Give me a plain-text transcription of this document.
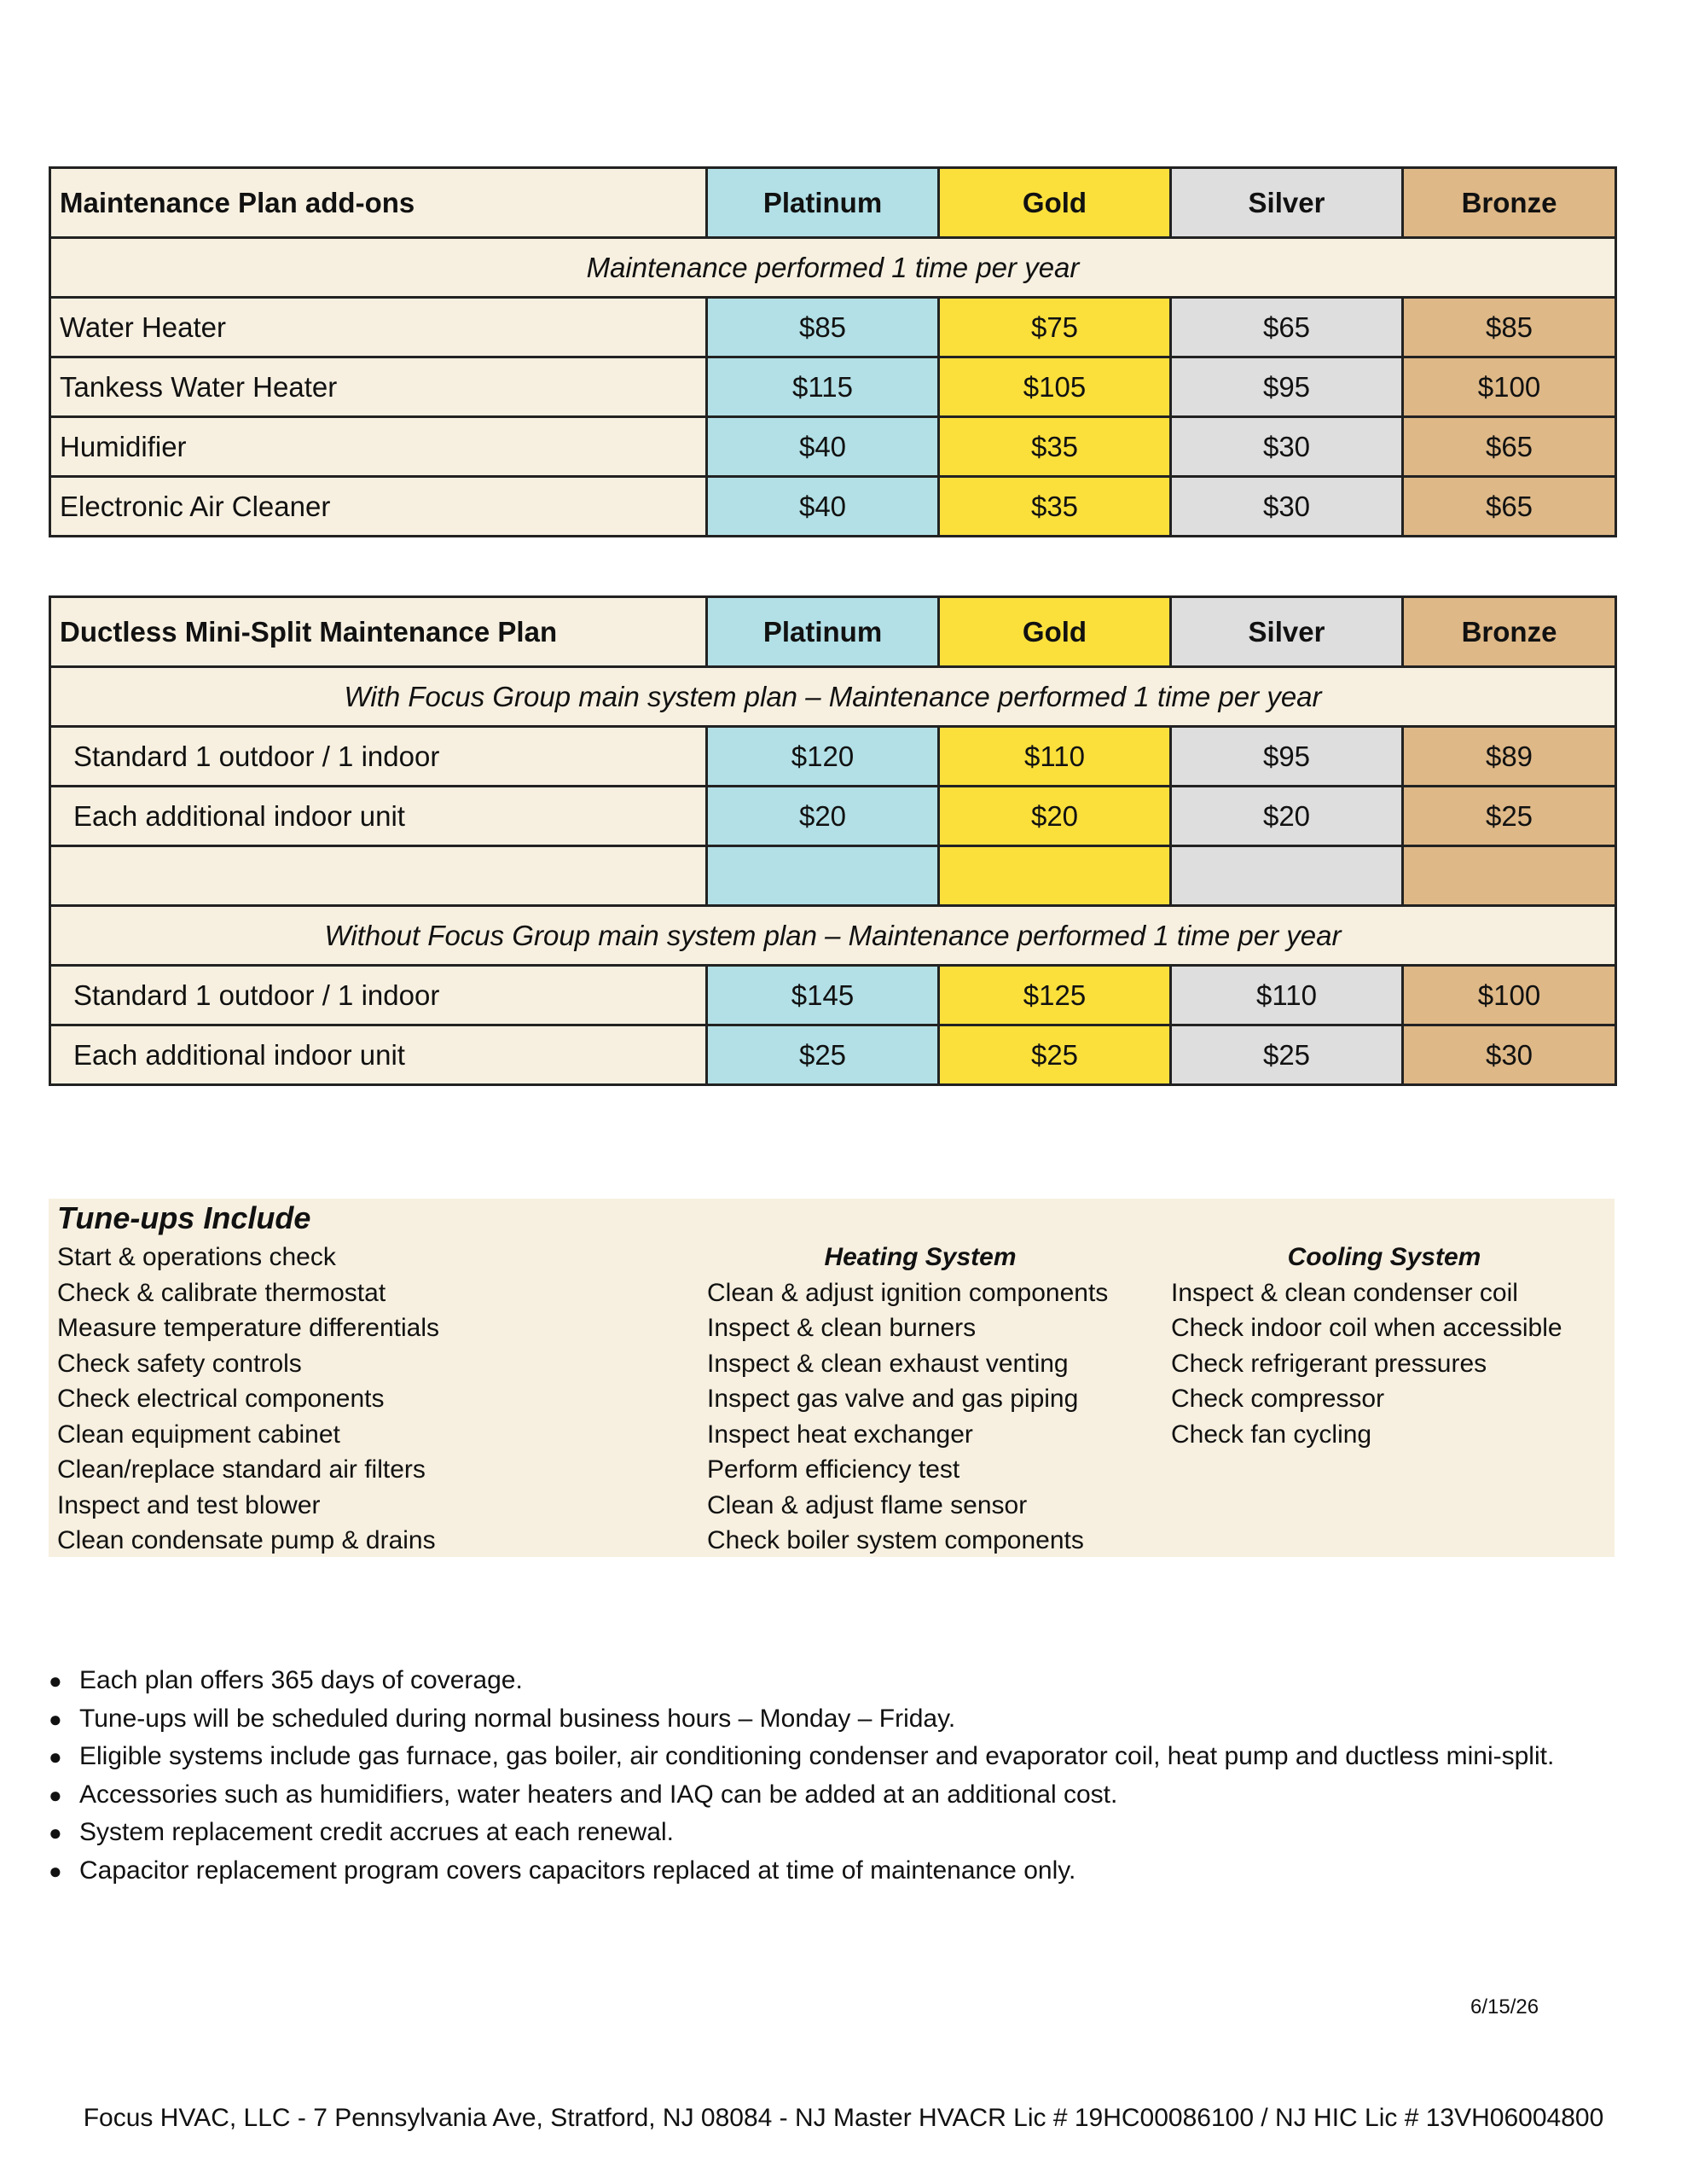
Maintenance Plan add-ons	Platinum	Gold	Silver	Bronze
Maintenance performed 1 time per year				
Water Heater	$85	$75	$65	$85
Tankess Water Heater	$115	$105	$95	$100
Humidifier	$40	$35	$30	$65
Electronic Air Cleaner	$40	$35	$30	$65
Ductless Mini-Split Maintenance Plan	Platinum	Gold	Silver	Bronze
With Focus Group main system plan – Maintenance performed 1 time per year				
Standard 1 outdoor / 1 indoor	$120	$110	$95	$89
Each additional indoor unit	$20	$20	$20	$25

Without Focus Group main system plan – Maintenance performed 1 time per year				
Standard 1 outdoor / 1 indoor	$145	$125	$110	$100
Each additional indoor unit	$25	$25	$25	$30
Tune-ups Include
Start & operations check
Check & calibrate thermostat
Measure temperature differentials
Check safety controls
Check electrical components
Clean equipment cabinet
Clean/replace standard air filters
Inspect and test blower
Clean condensate pump & drains
Heating System
Clean & adjust ignition components
Inspect & clean burners
Inspect & clean exhaust venting
Inspect gas valve and gas piping
Inspect heat exchanger
Perform efficiency test
Clean & adjust flame sensor
Check boiler system components
Cooling System
Inspect & clean condenser coil
Check indoor coil when accessible
Check refrigerant pressures
Check compressor
Check fan cycling
● Each plan offers 365 days of coverage.
● Tune-ups will be scheduled during normal business hours – Monday – Friday.
● Eligible systems include gas furnace, gas boiler, air conditioning condenser and evaporator coil, heat pump and ductless mini-split.
● Accessories such as humidifiers, water heaters and IAQ can be added at an additional cost.
● System replacement credit accrues at each renewal.
● Capacitor replacement program covers capacitors replaced at time of maintenance only.
6/15/26
Focus HVAC, LLC - 7 Pennsylvania Ave, Stratford, NJ 08084 - NJ Master HVACR Lic # 19HC00086100 / NJ HIC Lic # 13VH06004800
